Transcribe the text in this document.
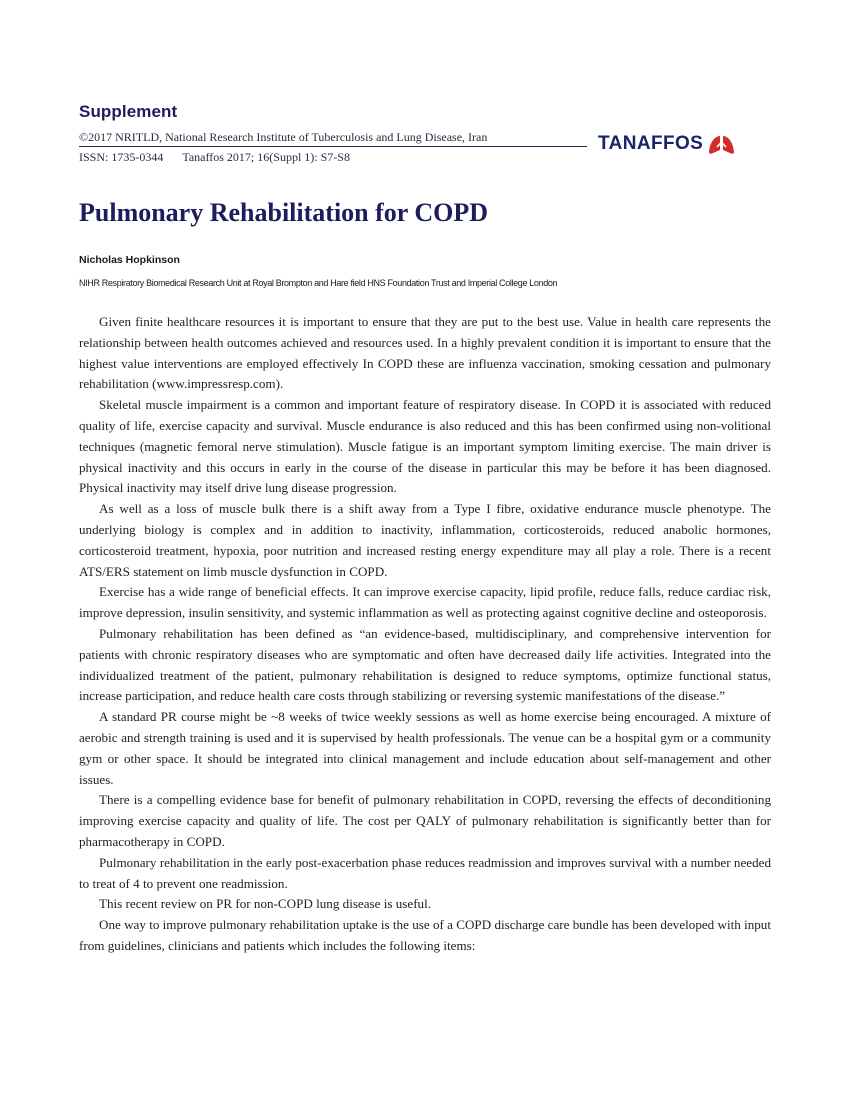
Supplement
©2017 NRITLD, National Research Institute of Tuberculosis and Lung Disease, Iran
ISSN: 1735-0344 Tanaffos 2017; 16(Suppl 1): S7-S8
TANAFFOS
Pulmonary Rehabilitation for COPD
Nicholas Hopkinson
NIHR Respiratory Biomedical Research Unit at Royal Brompton and Hare field HNS Foundation Trust and Imperial College London

Given finite healthcare resources it is important to ensure that they are put to the best use. Value in health care represents the relationship between health outcomes achieved and resources used. In a highly prevalent condition it is important to ensure that the highest value interventions are employed effectively In COPD these are influenza vaccination, smoking cessation and pulmonary rehabilitation (www.impressresp.com).

Skeletal muscle impairment is a common and important feature of respiratory disease. In COPD it is associated with reduced quality of life, exercise capacity and survival. Muscle endurance is also reduced and this has been confirmed using non-volitional techniques (magnetic femoral nerve stimulation). Muscle fatigue is an important symptom limiting exercise. The main driver is physical inactivity and this occurs in early in the course of the disease in particular this may be before it has been diagnosed. Physical inactivity may itself drive lung disease progression.

As well as a loss of muscle bulk there is a shift away from a Type I fibre, oxidative endurance muscle phenotype. The underlying biology is complex and in addition to inactivity, inflammation, corticosteroids, reduced anabolic hormones, corticosteroid treatment, hypoxia, poor nutrition and increased resting energy expenditure may all play a role. There is a recent ATS/ERS statement on limb muscle dysfunction in COPD.

Exercise has a wide range of beneficial effects. It can improve exercise capacity, lipid profile, reduce falls, reduce cardiac risk, improve depression, insulin sensitivity, and systemic inflammation as well as protecting against cognitive decline and osteoporosis.

Pulmonary rehabilitation has been defined as “an evidence-based, multidisciplinary, and comprehensive intervention for patients with chronic respiratory diseases who are symptomatic and often have decreased daily life activities. Integrated into the individualized treatment of the patient, pulmonary rehabilitation is designed to reduce symptoms, optimize functional status, increase participation, and reduce health care costs through stabilizing or reversing systemic manifestations of the disease.”

A standard PR course might be ~8 weeks of twice weekly sessions as well as home exercise being encouraged. A mixture of aerobic and strength training is used and it is supervised by health professionals. The venue can be a hospital gym or a community gym or other space. It should be integrated into clinical management and include education about self-management and other issues.

There is a compelling evidence base for benefit of pulmonary rehabilitation in COPD, reversing the effects of deconditioning improving exercise capacity and quality of life. The cost per QALY of pulmonary rehabilitation is significantly better than for pharmacotherapy in COPD.

Pulmonary rehabilitation in the early post-exacerbation phase reduces readmission and improves survival with a number needed to treat of 4 to prevent one readmission.

This recent review on PR for non-COPD lung disease is useful.

One way to improve pulmonary rehabilitation uptake is the use of a COPD discharge care bundle has been developed with input from guidelines, clinicians and patients which includes the following items:
